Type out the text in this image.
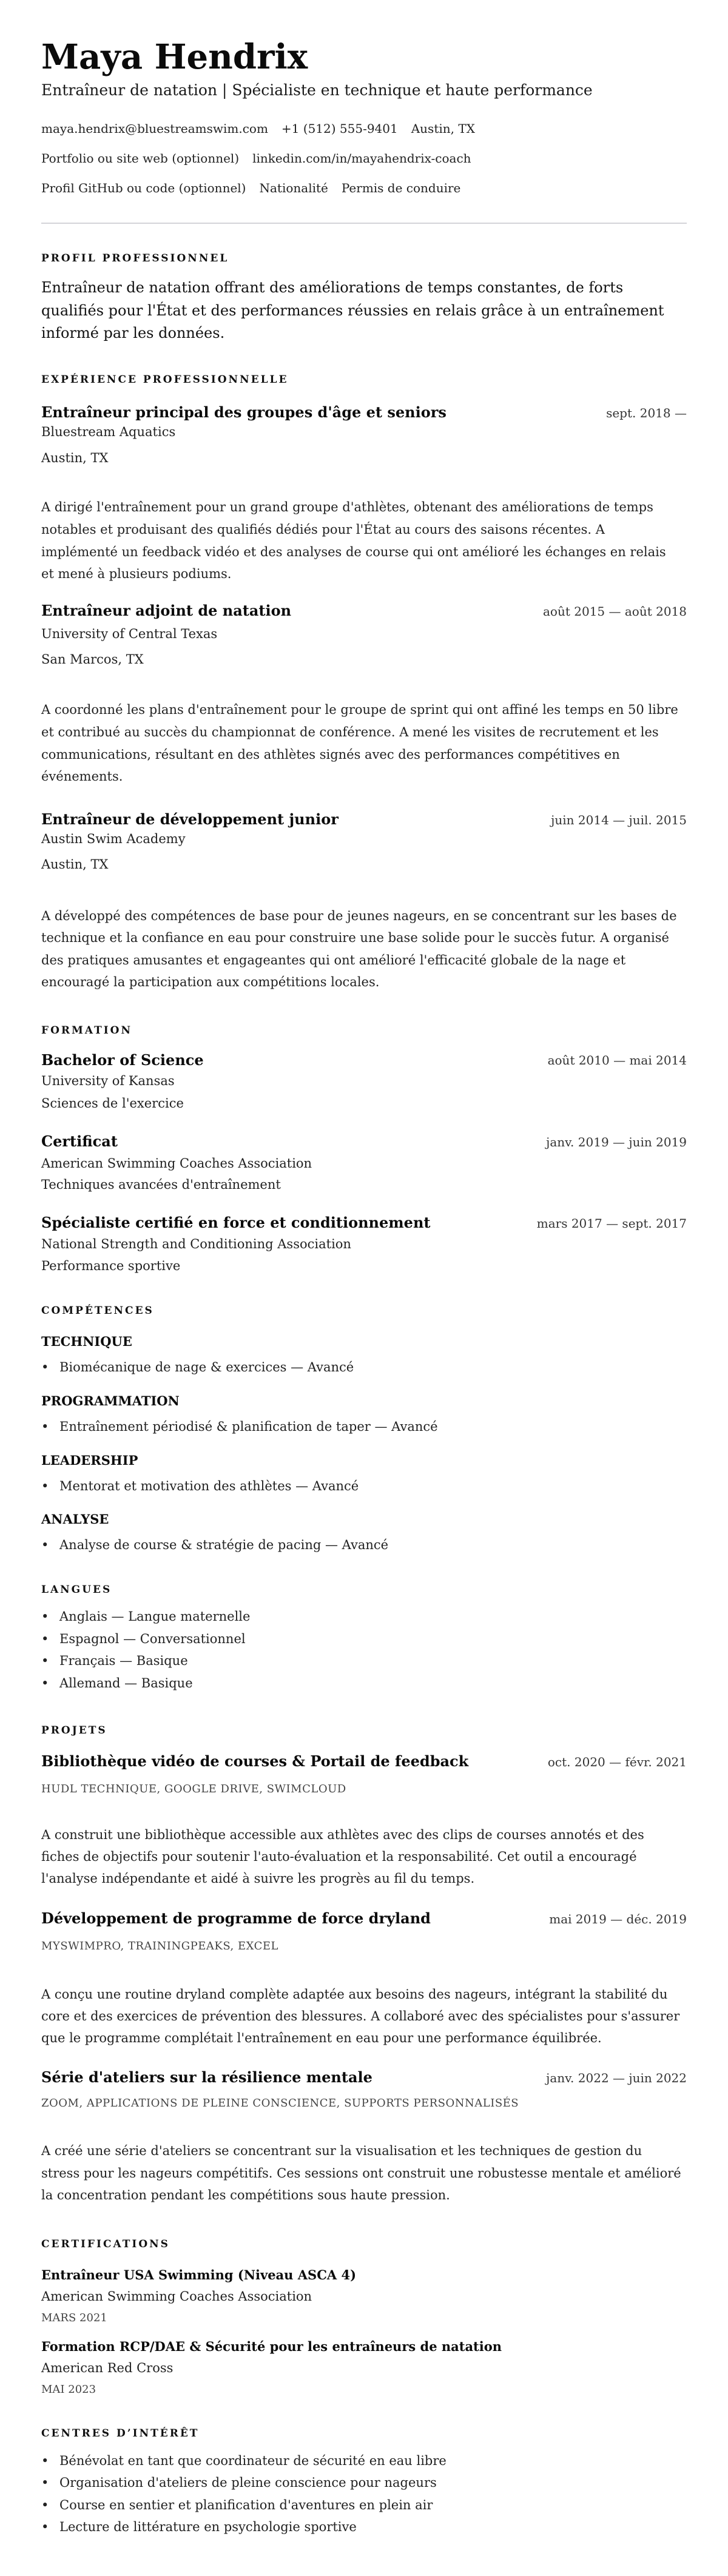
Maya Hendrix
Entraîneur de natation | Spécialiste en technique et haute performance
maya.hendrix@bluestreamswim.com +1 (512) 555-9401 Austin, TX
Portfolio ou site web (optionnel) linkedin.com/in/mayahendrix-coach
Profil GitHub ou code (optionnel) Nationalité Permis de conduire
PROFIL PROFESSIONNEL
Entraîneur de natation offrant des améliorations de temps constantes, de forts
qualifiés pour l'État et des performances réussies en relais grâce à un entraînement
informé par les données.
EXPÉRIENCE PROFESSIONNELLE
Entraîneur principal des groupes d'âge et seniors	sept. 2018 —
Bluestream Aquatics
Austin, TX
A dirigé l'entraînement pour un grand groupe d'athlètes, obtenant des améliorations de temps
notables et produisant des qualifiés dédiés pour l'État au cours des saisons récentes. A
implémenté un feedback vidéo et des analyses de course qui ont amélioré les échanges en relais
et mené à plusieurs podiums.
Entraîneur adjoint de natation	août 2015 — août 2018
University of Central Texas
San Marcos, TX
A coordonné les plans d'entraînement pour le groupe de sprint qui ont affiné les temps en 50 libre
et contribué au succès du championnat de conférence. A mené les visites de recrutement et les
communications, résultant en des athlètes signés avec des performances compétitives en
événements.
Entraîneur de développement junior	juin 2014 — juil. 2015
Austin Swim Academy
Austin, TX
A développé des compétences de base pour de jeunes nageurs, en se concentrant sur les bases de
technique et la confiance en eau pour construire une base solide pour le succès futur. A organisé
des pratiques amusantes et engageantes qui ont amélioré l'efficacité globale de la nage et
encouragé la participation aux compétitions locales.
FORMATION
Bachelor of Science	août 2010 — mai 2014
University of Kansas
Sciences de l'exercice
Certificat	janv. 2019 — juin 2019
American Swimming Coaches Association
Techniques avancées d'entraînement
Spécialiste certifié en force et conditionnement	mars 2017 — sept. 2017
National Strength and Conditioning Association
Performance sportive
COMPÉTENCES
TECHNIQUE
• Biomécanique de nage & exercices — Avancé
PROGRAMMATION
• Entraînement périodisé & planification de taper — Avancé
LEADERSHIP
• Mentorat et motivation des athlètes — Avancé
ANALYSE
• Analyse de course & stratégie de pacing — Avancé
LANGUES
• Anglais — Langue maternelle
• Espagnol — Conversationnel
• Français — Basique
• Allemand — Basique
PROJETS
Bibliothèque vidéo de courses & Portail de feedback	oct. 2020 — févr. 2021
HUDL TECHNIQUE, GOOGLE DRIVE, SWIMCLOUD
A construit une bibliothèque accessible aux athlètes avec des clips de courses annotés et des
fiches de objectifs pour soutenir l'auto-évaluation et la responsabilité. Cet outil a encouragé
l'analyse indépendante et aidé à suivre les progrès au fil du temps.
Développement de programme de force dryland	mai 2019 — déc. 2019
MYSWIMPRO, TRAININGPEAKS, EXCEL
A conçu une routine dryland complète adaptée aux besoins des nageurs, intégrant la stabilité du
core et des exercices de prévention des blessures. A collaboré avec des spécialistes pour s'assurer
que le programme complétait l'entraînement en eau pour une performance équilibrée.
Série d'ateliers sur la résilience mentale	janv. 2022 — juin 2022
ZOOM, APPLICATIONS DE PLEINE CONSCIENCE, SUPPORTS PERSONNALISÉS
A créé une série d'ateliers se concentrant sur la visualisation et les techniques de gestion du
stress pour les nageurs compétitifs. Ces sessions ont construit une robustesse mentale et amélioré
la concentration pendant les compétitions sous haute pression.
CERTIFICATIONS
Entraîneur USA Swimming (Niveau ASCA 4)
American Swimming Coaches Association
MARS 2021
Formation RCP/DAE & Sécurité pour les entraîneurs de natation
American Red Cross
MAI 2023
CENTRES D’INTÉRÊT
• Bénévolat en tant que coordinateur de sécurité en eau libre
• Organisation d'ateliers de pleine conscience pour nageurs
• Course en sentier et planification d'aventures en plein air
• Lecture de littérature en psychologie sportive
